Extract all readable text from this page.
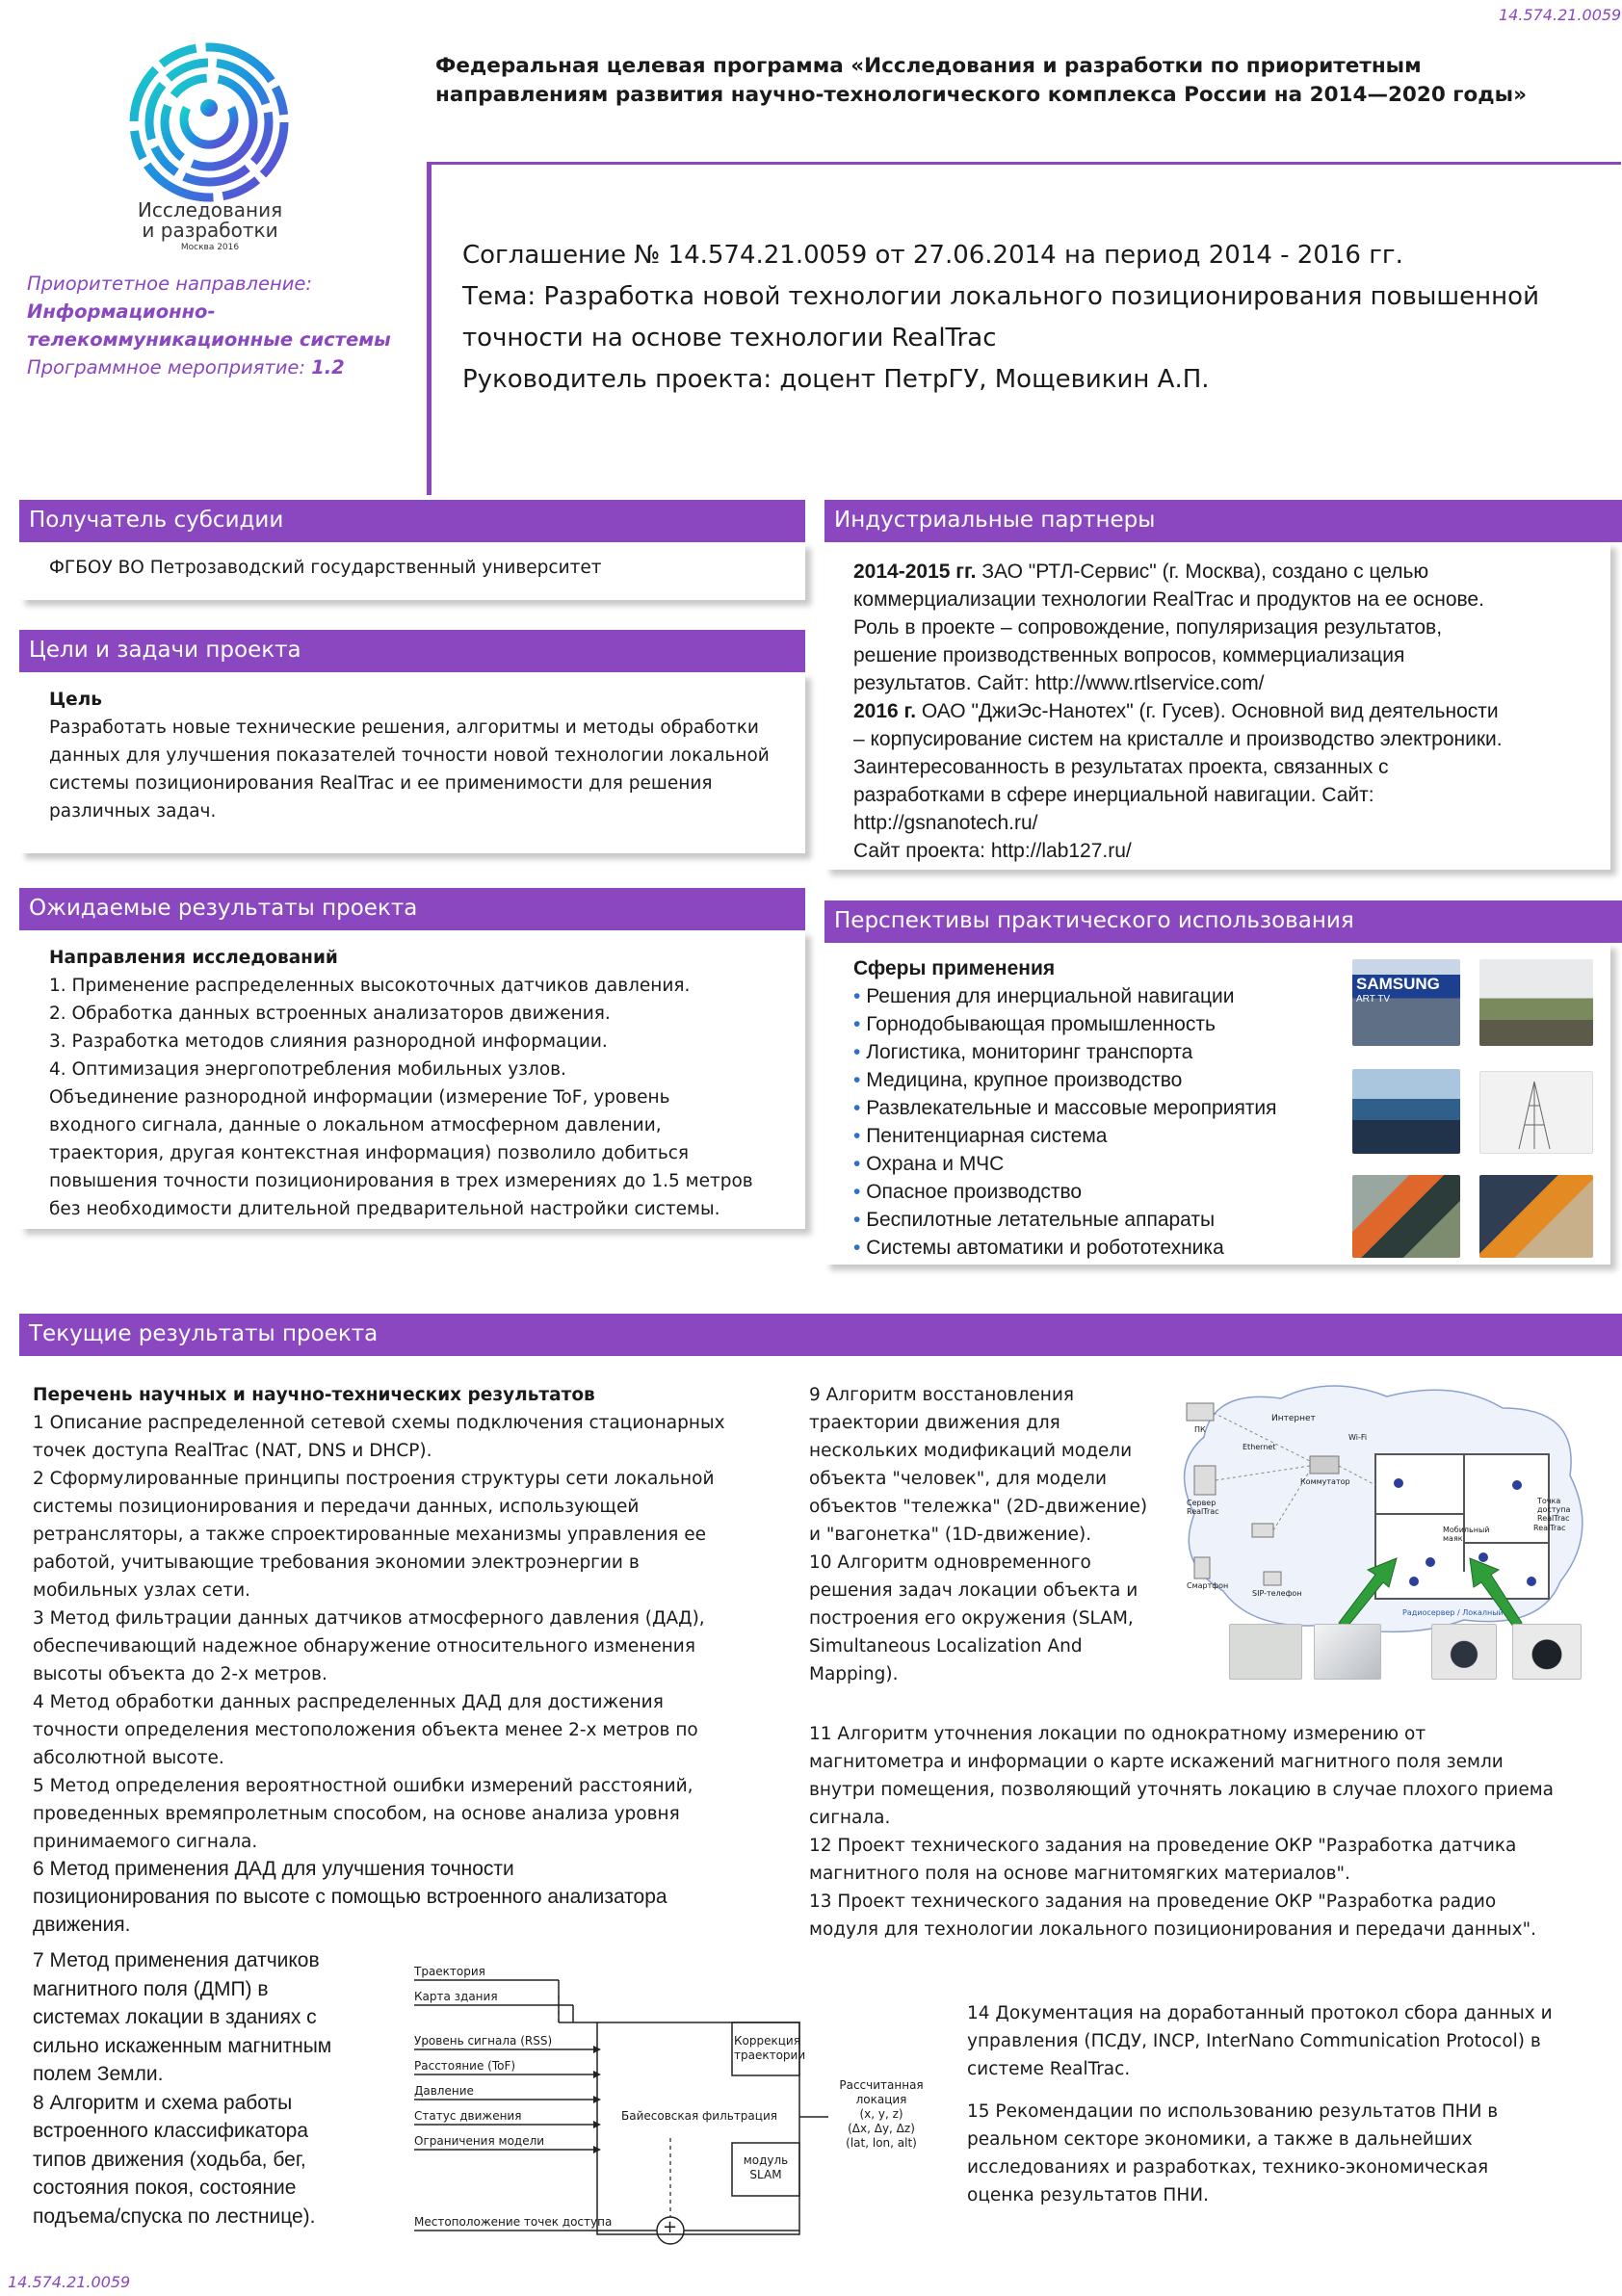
14.574.21.0059
Исследования
и разработки
Москва 2016
Приоритетное направление:
Информационно-
телекоммуникационные системы
Программное мероприятие: 1.2
Федеральная целевая программа «Исследования и разработки по приоритетным
направлениям развития научно-технологического комплекса России на 2014—2020 годы»
Соглашение № 14.574.21.0059 от 27.06.2014 на период 2014 - 2016 гг.
Тема: Разработка новой технологии локального позиционирования повышенной
точности на основе технологии RealTrac
Руководитель проекта: доцент ПетрГУ, Мощевикин А.П.
Получатель субсидии
ФГБОУ ВО Петрозаводский государственный университет
Цели и задачи проекта
Цель
Разработать новые технические решения, алгоритмы и методы обработки
данных для улучшения показателей точности новой технологии локальной
системы позиционирования RealTrac и ее применимости для решения
различных задач.
Ожидаемые результаты проекта
Направления исследований
1. Применение распределенных высокоточных датчиков давления.
2. Обработка данных встроенных анализаторов движения.
3. Разработка методов слияния разнородной информации.
4. Оптимизация энергопотребления мобильных узлов.
Объединение разнородной информации (измерение ToF, уровень
входного сигнала, данные о локальном атмосферном давлении,
траектория, другая контекстная информация) позволило добиться
повышения точности позиционирования в трех измерениях до 1.5 метров
без необходимости длительной предварительной настройки системы.
Индустриальные партнеры
2014-2015 гг. ЗАО "РТЛ-Сервис" (г. Москва), создано с целью
коммерциализации технологии RealTrac и продуктов на ее основе.
Роль в проекте – сопровождение, популяризация результатов,
решение производственных вопросов, коммерциализация
результатов. Сайт: http://www.rtlservice.com/
2016 г. ОАО "ДжиЭс-Нанотех" (г. Гусев). Основной вид деятельности
– корпусирование систем на кристалле и производство электроники.
Заинтересованность в результатах проекта, связанных с
разработками в сфере инерциальной навигации. Сайт:
http://gsnanotech.ru/
Сайт проекта: http://lab127.ru/
Перспективы практического использования
Сферы применения
• Решения для инерциальной навигации
• Горнодобывающая промышленность
• Логистика, мониторинг транспорта
• Медицина, крупное производство
• Развлекательные и массовые мероприятия
• Пенитенциарная система
• Охрана и МЧС
• Опасное производство
• Беспилотные летательные аппараты
• Системы автоматики и робототехника
SAMSUNG
ART TV
Текущие результаты проекта
Перечень научных и научно-технических результатов
1 Описание распределенной сетевой схемы подключения стационарных
точек доступа RealTrac (NAT, DNS и DHCP).
2 Сформулированные принципы построения структуры сети локальной
системы позиционирования и передачи данных, использующей
ретрансляторы, а также спроектированные механизмы управления ее
работой, учитывающие требования экономии электроэнергии в
мобильных узлах сети.
3 Метод фильтрации данных датчиков атмосферного давления (ДАД),
обеспечивающий надежное обнаружение относительного изменения
высоты объекта до 2-х метров.
4 Метод обработки данных распределенных ДАД для достижения
точности определения местоположения объекта менее 2-х метров по
абсолютной высоте.
5 Метод определения вероятностной ошибки измерений расстояний,
проведенных времяпролетным способом, на основе анализа уровня
принимаемого сигнала.
6 Метод применения ДАД для улучшения точности
позиционирования по высоте с помощью встроенного анализатора
движения.
7 Метод применения датчиков
магнитного поля (ДМП) в
системах локации в зданиях с
сильно искаженным магнитным
полем Земли.
8 Алгоритм и схема работы
встроенного классификатора
типов движения (ходьба, бег,
состояния покоя, состояние
подъема/спуска по лестнице).
9 Алгоритм восстановления
траектории движения для
нескольких модификаций модели
объекта "человек", для модели
объектов "тележка" (2D-движение)
и "вагонетка" (1D-движение).
10 Алгоритм одновременного
решения задач локации объекта и
построения его окружения (SLAM,
Simultaneous Localization And
Mapping).
11 Алгоритм уточнения локации по однократному измерению от
магнитометра и информации о карте искажений магнитного поля земли
внутри помещения, позволяющий уточнять локацию в случае плохого приема
сигнала.
12 Проект технического задания на проведение ОКР "Разработка датчика
магнитного поля на основе магнитомягких материалов".
13 Проект технического задания на проведение ОКР "Разработка радио
модуля для технологии локального позиционирования и передачи данных".
14 Документация на доработанный протокол сбора данных и
управления (ПСДУ, INCP, InterNano Communication Protocol) в
системе RealTrac.
15 Рекомендации по использованию результатов ПНИ в
реальном секторе экономики, а также в дальнейших
исследованиях и разработках, технико-экономическая
оценка результатов ПНИ.
Интернет
Мобильный маяк
Точка доступа RealTrac
Радиосервер / Локалный
ПК
Сервер RealTrac
Ethernet
Wi-Fi
Коммутатор
Смартфон
SIP-телефон
RealTrac
Траектория
Карта здания
Уровень сигнала (RSS)
Расстояние (ToF)
Давление
Статус движения
Ограничения модели
Местоположение точек доступа
Коррекция траектории
Байесовская фильтрация
модуль
SLAM
Рассчитанная
локация
(x, y, z)
(Δx, Δy, Δz)
(lat, lon, alt)
+
14.574.21.0059
